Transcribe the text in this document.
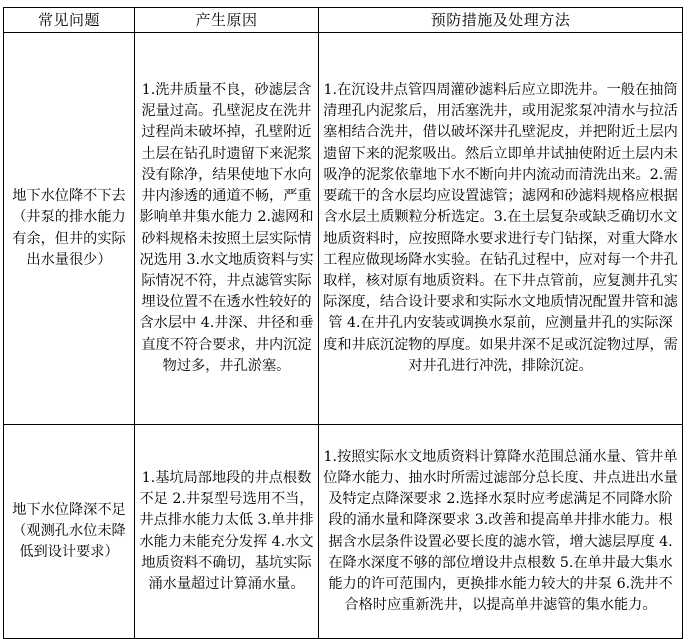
常见问题	产生原因	预防措施及处理方法
地下水位降不下去（井泵的排水能力有余，但井的实际出水量很少）	1.洗井质量不良，砂滤层含泥量过高。孔壁泥皮在洗井过程尚未破坏掉，孔壁附近土层在钻孔时遗留下来泥浆没有除净，结果使地下水向井内渗透的通道不畅，严重影响单井集水能力 2.滤网和砂料规格未按照土层实际情况选用 3.水文地质资料与实际情况不符，井点滤管实际埋设位置不在透水性较好的含水层中 4.井深、井径和垂直度不符合要求，井内沉淀物过多，井孔淤塞。	1.在沉设井点管四周灌砂滤料后应立即洗井。一般在抽筒清理孔内泥浆后，用活塞洗井，或用泥浆泵冲清水与拉活塞相结合洗井，借以破坏深井孔壁泥皮，并把附近土层内遗留下来的泥浆吸出。然后立即单井试抽使附近土层内未吸净的泥浆依靠地下水不断向井内流动而清洗出来。2.需要疏干的含水层均应设置滤管；滤网和砂滤料规格应根据含水层土质颗粒分析选定。3.在土层复杂或缺乏确切水文地质资料时，应按照降水要求进行专门钻探，对重大降水工程应做现场降水实验。在钻孔过程中，应对每一个井孔取样，核对原有地质资料。在下井点管前，应复测井孔实际深度，结合设计要求和实际水文地质情况配置井管和滤管 4.在井孔内安装或调换水泵前，应测量井孔的实际深度和井底沉淀物的厚度。如果井深不足或沉淀物过厚，需对井孔进行冲洗，排除沉淀。
地下水位降深不足（观测孔水位未降低到设计要求）	1.基坑局部地段的井点根数不足 2.井泵型号选用不当，井点排水能力太低 3.单井排水能力未能充分发挥 4.水文地质资料不确切，基坑实际涌水量超过计算涌水量。	1.按照实际水文地质资料计算降水范围总涌水量、管井单位降水能力、抽水时所需过滤部分总长度、井点进出水量及特定点降深要求 2.选择水泵时应考虑满足不同降水阶段的涌水量和降深要求 3.改善和提高单井排水能力。根据含水层条件设置必要长度的滤水管，增大滤层厚度 4.在降水深度不够的部位增设井点根数 5.在单井最大集水能力的许可范围内，更换排水能力较大的井泵 6.洗井不合格时应重新洗井，以提高单井滤管的集水能力。
